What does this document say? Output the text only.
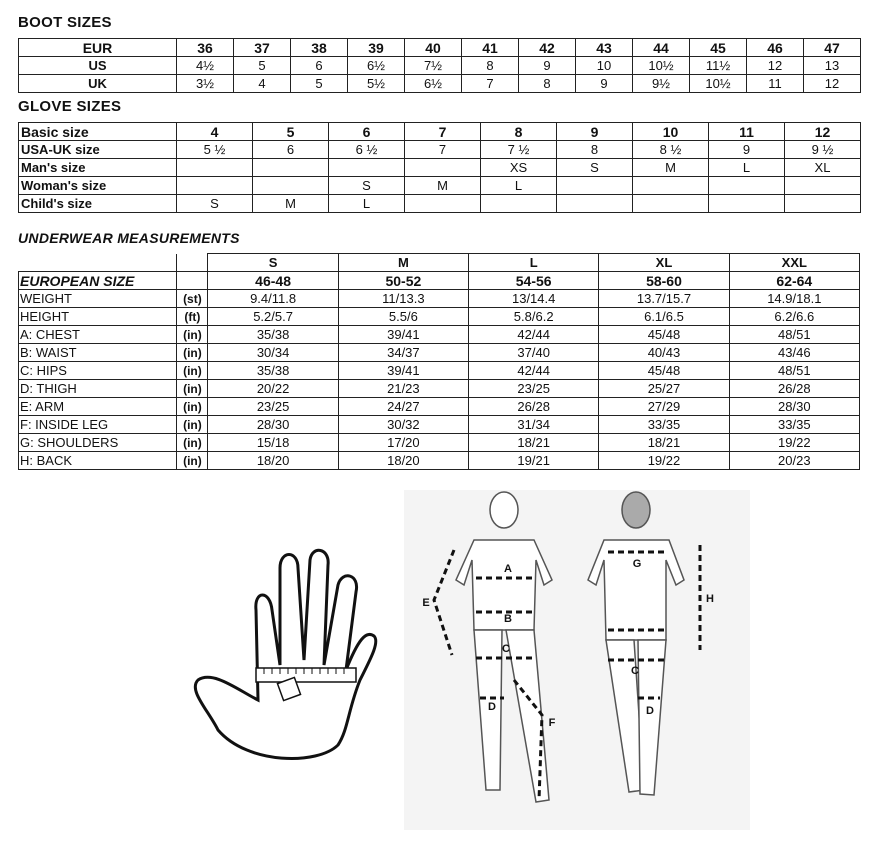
BOOT SIZES
EUR	36	37	38	39	40	41	42	43	44	45	46	47
US	4½	5	6	6½	7½	8	9	10	10½	11½	12	13
UK	3½	4	5	5½	6½	7	8	9	9½	10½	11	12
GLOVE SIZES
Basic size	4	5	6	7	8	9	10	11	12
USA-UK size	5 ½	6	6 ½	7	7 ½	8	8 ½	9	9 ½
Man's size					XS	S	M	L	XL
Woman's size			S	M	L				
Child's size	S	M	L						
UNDERWEAR MEASUREMENTS
		S	M	L	XL	XXL
EUROPEAN SIZE		46-48	50-52	54-56	58-60	62-64
WEIGHT	(st)	9.4/11.8	11/13.3	13/14.4	13.7/15.7	14.9/18.1
HEIGHT	(ft)	5.2/5.7	5.5/6	5.8/6.2	6.1/6.5	6.2/6.6
A: CHEST	(in)	35/38	39/41	42/44	45/48	48/51
B: WAIST	(in)	30/34	34/37	37/40	40/43	43/46
C: HIPS	(in)	35/38	39/41	42/44	45/48	48/51
D: THIGH	(in)	20/22	21/23	23/25	25/27	26/28
E: ARM	(in)	23/25	24/27	26/28	27/29	28/30
F: INSIDE LEG	(in)	28/30	30/32	31/34	33/35	33/35
G: SHOULDERS	(in)	15/18	17/20	18/21	18/21	19/22
H: BACK	(in)	18/20	18/20	19/21	19/22	20/23
A
B
C
D
E
F
G
H
C
D
